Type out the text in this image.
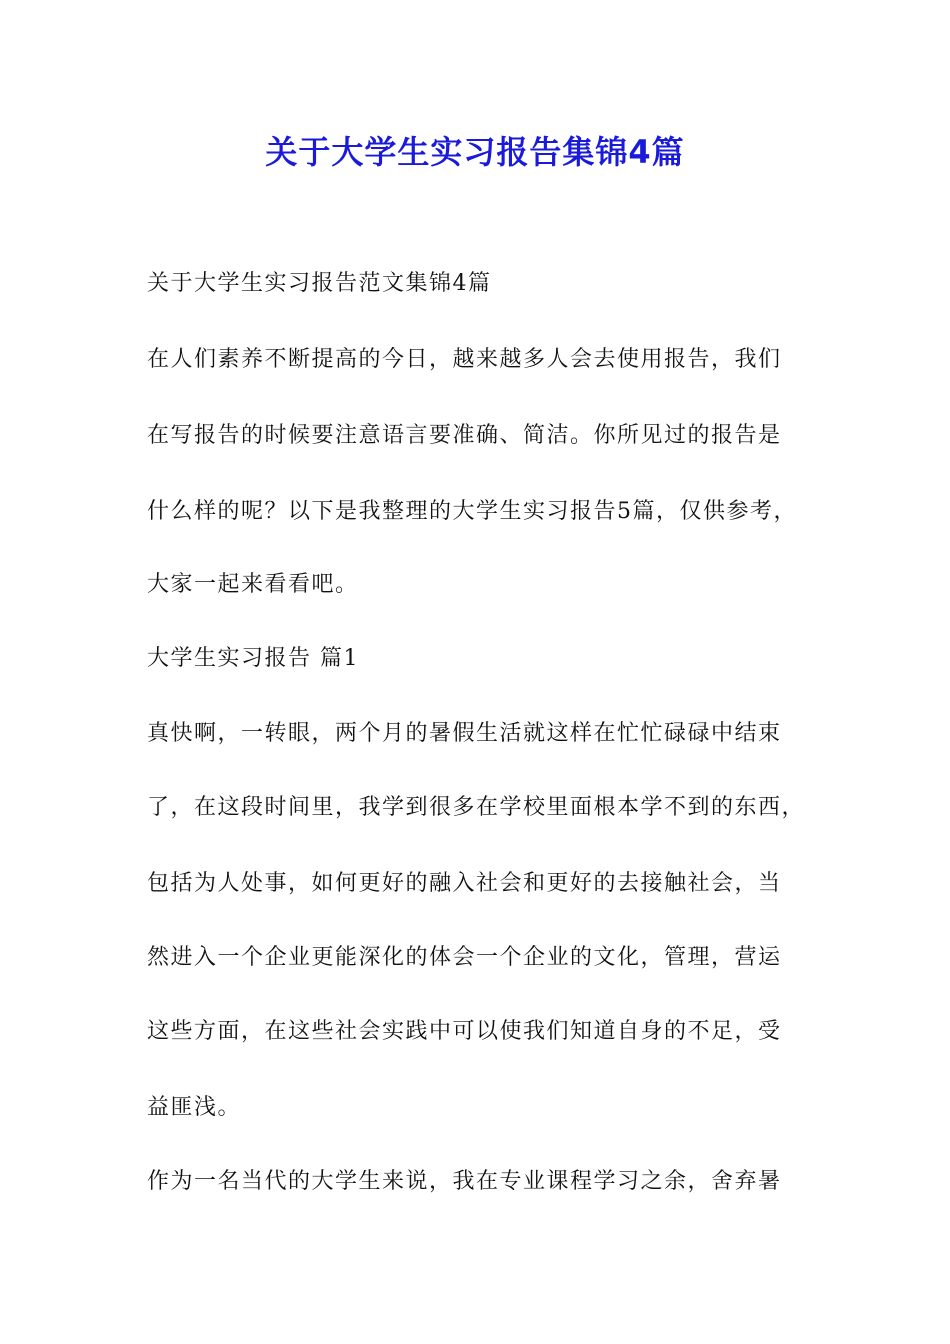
关于大学生实习报告集锦4篇
关于大学生实习报告范文集锦4篇
在人们素养不断提高的今日，越来越多人会去使用报告，我们
在写报告的时候要注意语言要准确、简洁。你所见过的报告是
什么样的呢？以下是我整理的大学生实习报告5篇，仅供参考，
大家一起来看看吧。
大学生实习报告 篇1
真快啊，一转眼，两个月的暑假生活就这样在忙忙碌碌中结束
了，在这段时间里，我学到很多在学校里面根本学不到的东西，
包括为人处事，如何更好的融入社会和更好的去接触社会，当
然进入一个企业更能深化的体会一个企业的文化，管理，营运
这些方面，在这些社会实践中可以使我们知道自身的不足，受
益匪浅。
作为一名当代的大学生来说，我在专业课程学习之余，舍弃暑
